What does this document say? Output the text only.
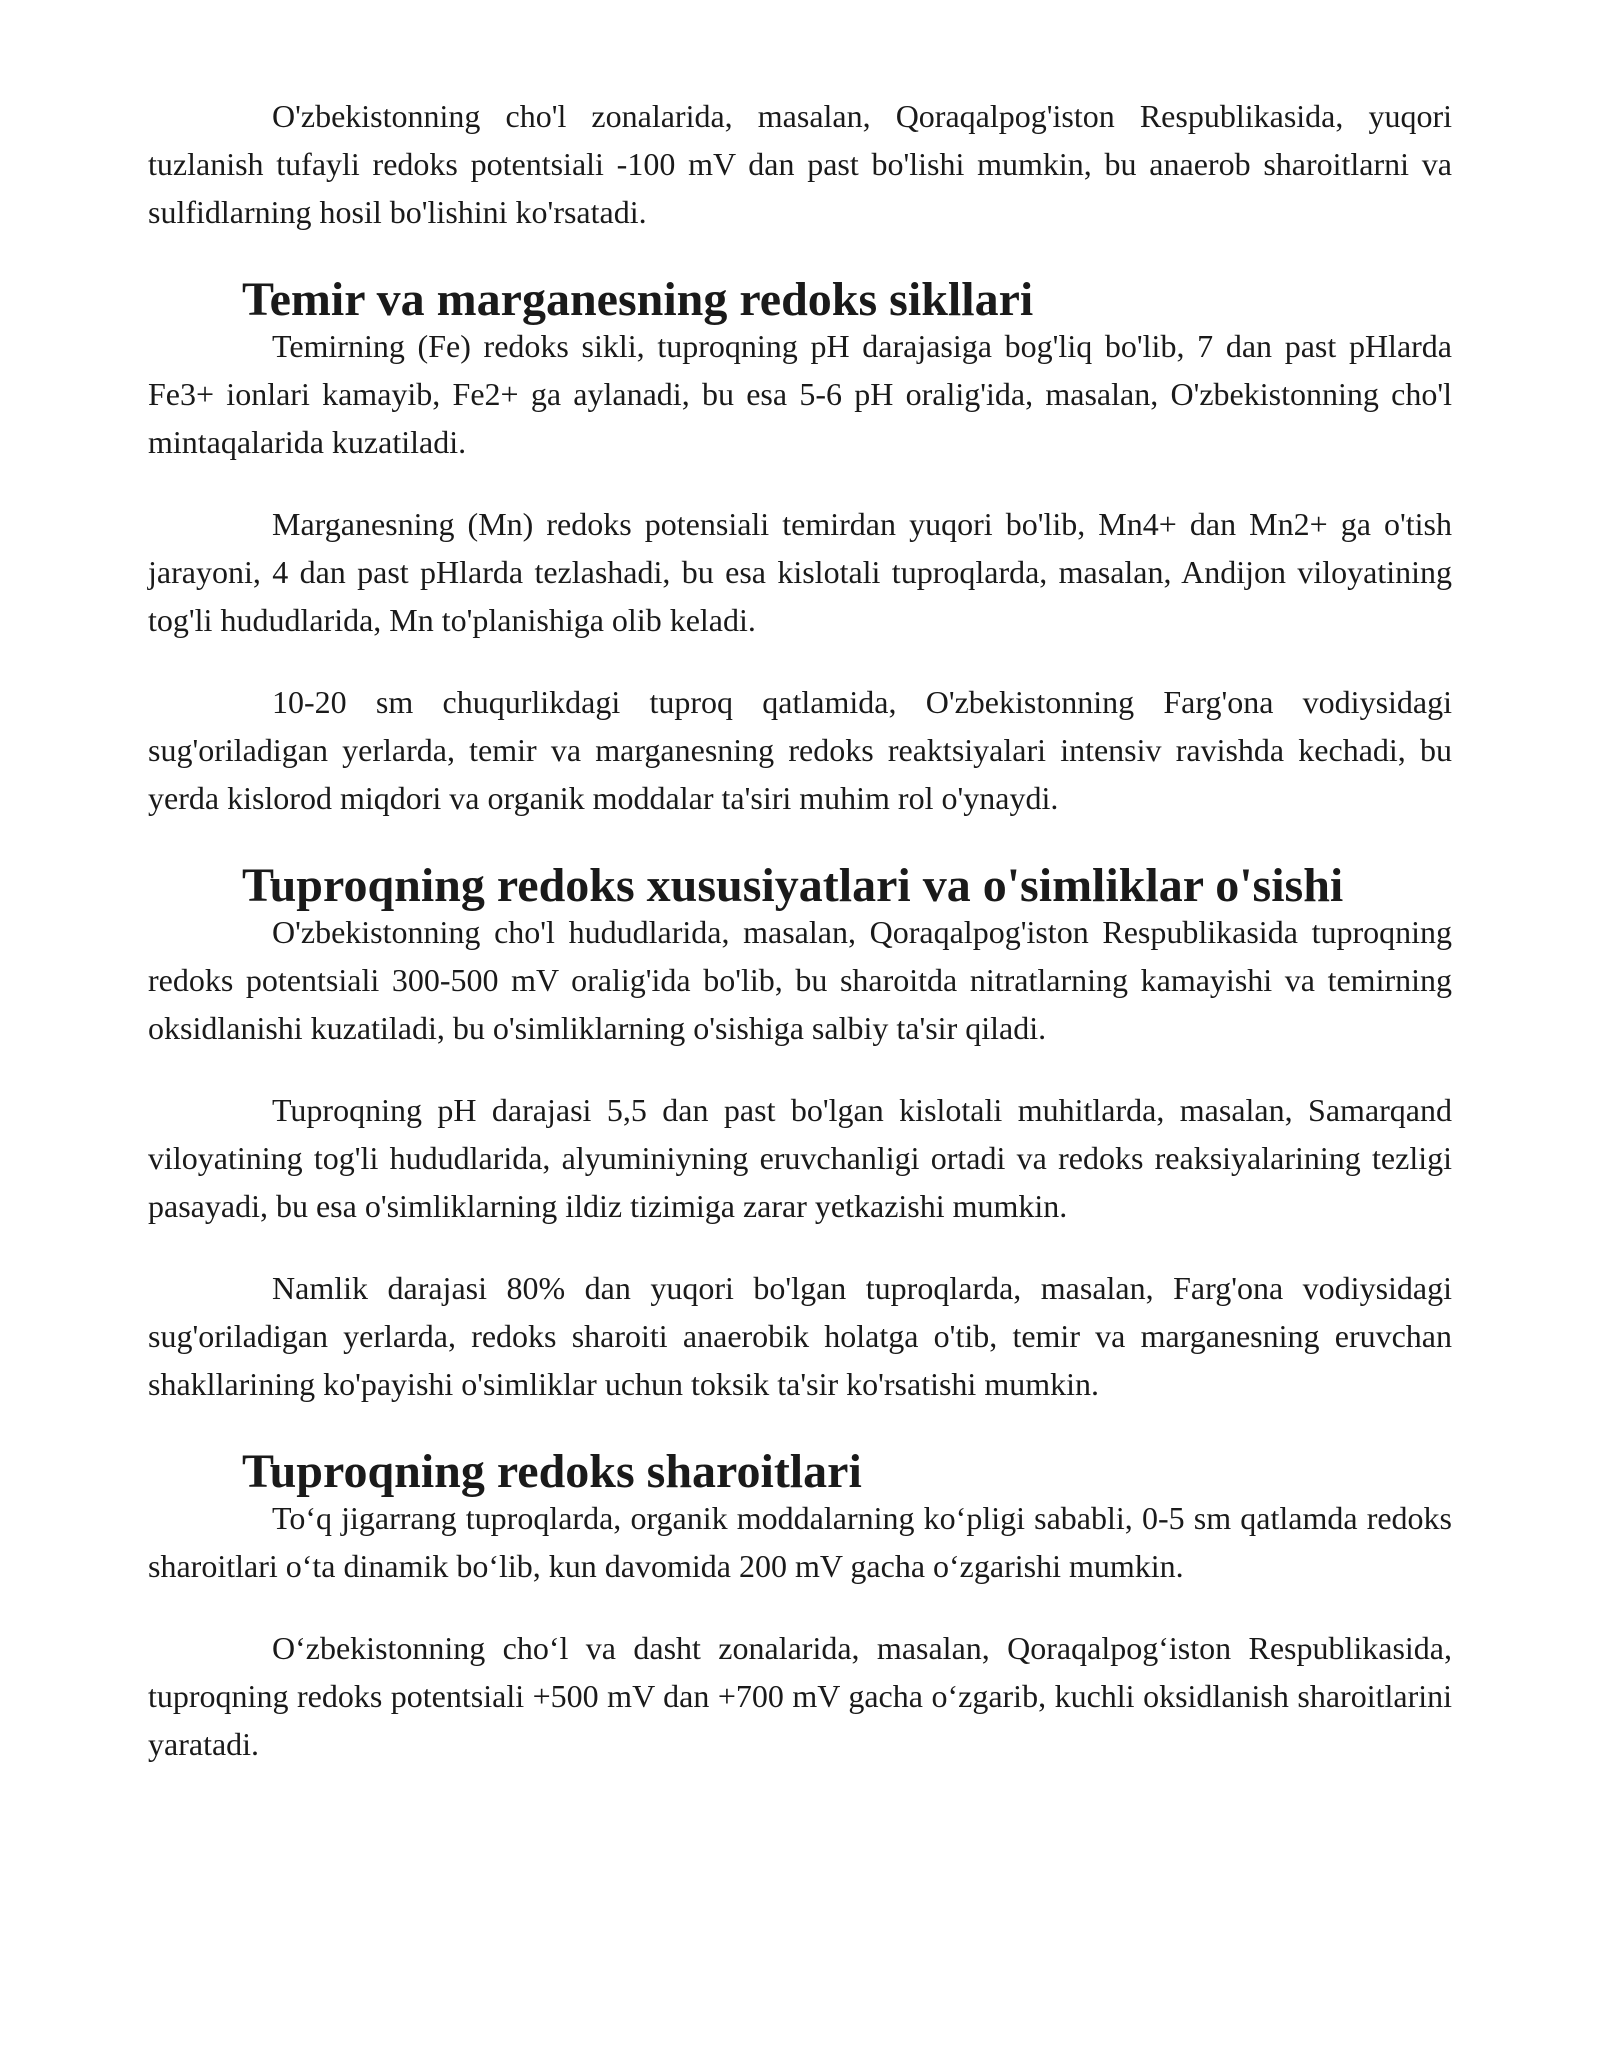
O'zbekistonning cho'l zonalarida, masalan, Qoraqalpog'iston Respublikasida, yuqori tuzlanish tufayli redoks potentsiali -100 mV dan past bo'lishi mumkin, bu anaerob sharoitlarni va sulfidlarning hosil bo'lishini ko'rsatadi.

Temir va marganesning redoks sikllari

Temirning (Fe) redoks sikli, tuproqning pH darajasiga bog'liq bo'lib, 7 dan past pHlarda Fe3+ ionlari kamayib, Fe2+ ga aylanadi, bu esa 5-6 pH oralig'ida, masalan, O'zbekistonning cho'l mintaqalarida kuzatiladi.

Marganesning (Mn) redoks potensiali temirdan yuqori bo'lib, Mn4+ dan Mn2+ ga o'tish jarayoni, 4 dan past pHlarda tezlashadi, bu esa kislotali tuproqlarda, masalan, Andijon viloyatining tog'li hududlarida, Mn to'planishiga olib keladi.

10-20 sm chuqurlikdagi tuproq qatlamida, O'zbekistonning Farg'ona vodiysidagi sug'oriladigan yerlarda, temir va marganesning redoks reaktsiyalari intensiv ravishda kechadi, bu yerda kislorod miqdori va organik moddalar ta'siri muhim rol o'ynaydi.

Tuproqning redoks xususiyatlari va o'simliklar o'sishi

O'zbekistonning cho'l hududlarida, masalan, Qoraqalpog'iston Respublikasida tuproqning redoks potentsiali 300-500 mV oralig'ida bo'lib, bu sharoitda nitratlarning kamayishi va temirning oksidlanishi kuzatiladi, bu o'simliklarning o'sishiga salbiy ta'sir qiladi.

Tuproqning pH darajasi 5,5 dan past bo'lgan kislotali muhitlarda, masalan, Samarqand viloyatining tog'li hududlarida, alyuminiyning eruvchanligi ortadi va redoks reaksiyalarining tezligi pasayadi, bu esa o'simliklarning ildiz tizimiga zarar yetkazishi mumkin.

Namlik darajasi 80% dan yuqori bo'lgan tuproqlarda, masalan, Farg'ona vodiysidagi sug'oriladigan yerlarda, redoks sharoiti anaerobik holatga o'tib, temir va marganesning eruvchan shakllarining ko'payishi o'simliklar uchun toksik ta'sir ko'rsatishi mumkin.

Tuproqning redoks sharoitlari

To‘q jigarrang tuproqlarda, organik moddalarning ko‘pligi sababli, 0-5 sm qatlamda redoks sharoitlari o‘ta dinamik bo‘lib, kun davomida 200 mV gacha o‘zgarishi mumkin.

O‘zbekistonning cho‘l va dasht zonalarida, masalan, Qoraqalpog‘iston Respublikasida, tuproqning redoks potentsiali +500 mV dan +700 mV gacha o‘zgarib, kuchli oksidlanish sharoitlarini yaratadi.
